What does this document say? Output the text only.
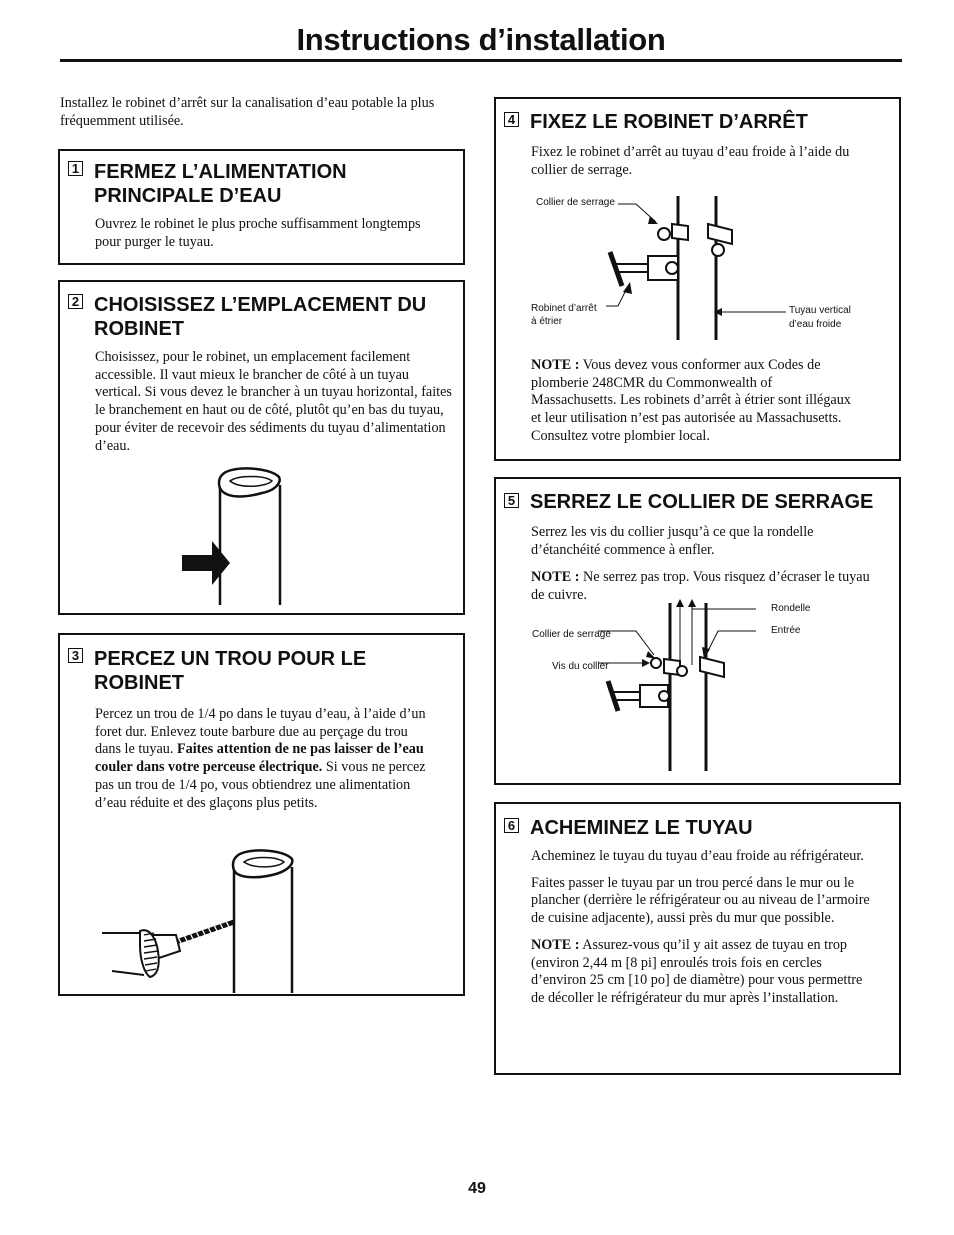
Instructions d’installation
Installez le robinet d’arrêt sur la canalisation d’eau potable la plus fréquemment utilisée.
1 FERMEZ L’ALIMENTATION PRINCIPALE D’EAU
Ouvrez le robinet le plus proche suffisamment longtemps pour purger le tuyau.
2 CHOISISSEZ L’EMPLACEMENT DU ROBINET
Choisissez, pour le robinet, un emplacement facilement accessible. Il vaut mieux le brancher de côté à un tuyau vertical. Si vous devez le brancher à un tuyau horizontal, faites le branchement en haut ou de côté, plutôt qu’en bas du tuyau, pour éviter de recevoir des sédiments du tuyau d’alimentation d’eau.
3 PERCEZ UN TROU POUR LE ROBINET
Percez un trou de 1/4 po dans le tuyau d’eau, à l’aide d’un foret dur. Enlevez toute barbure due au perçage du trou dans le tuyau. Faites attention de ne pas laisser de l’eau couler dans votre perceuse électrique. Si vous ne percez pas un trou de 1/4 po, vous obtiendrez une alimentation d’eau réduite et des glaçons plus petits.
4 FIXEZ LE ROBINET D’ARRÊT
Fixez le robinet d’arrêt au tuyau d’eau froide à l’aide du collier de serrage.
Collier de serrage
Robinet d’arrêt
à étrier
Tuyau vertical
d’eau froide
NOTE : Vous devez vous conformer aux Codes de plomberie 248CMR du Commonwealth of Massachusetts. Les robinets d’arrêt à étrier sont illégaux et leur utilisation n’est pas autorisée au Massachusetts. Consultez votre plombier local.
5 SERREZ LE COLLIER DE SERRAGE
Serrez les vis du collier jusqu’à ce que la rondelle d’étanchéité commence à enfler.
NOTE : Ne serrez pas trop. Vous risquez d’écraser le tuyau de cuivre.
Rondelle
Entrée
Collier de serrage
Vis du collier
6 ACHEMINEZ LE TUYAU

Acheminez le tuyau du tuyau d’eau froide au réfrigérateur.

Faites passer le tuyau par un trou percé dans le mur ou le plancher (derrière le réfrigérateur ou au niveau de l’armoire de cuisine adjacente), aussi près du mur que possible.

NOTE : Assurez-vous qu’il y ait assez de tuyau en trop (environ 2,44 m [8 pi] enroulés trois fois en cercles d’environ 25 cm [10 po] de diamètre) pour vous permettre de décoller le réfrigérateur du mur après l’installation.

49
